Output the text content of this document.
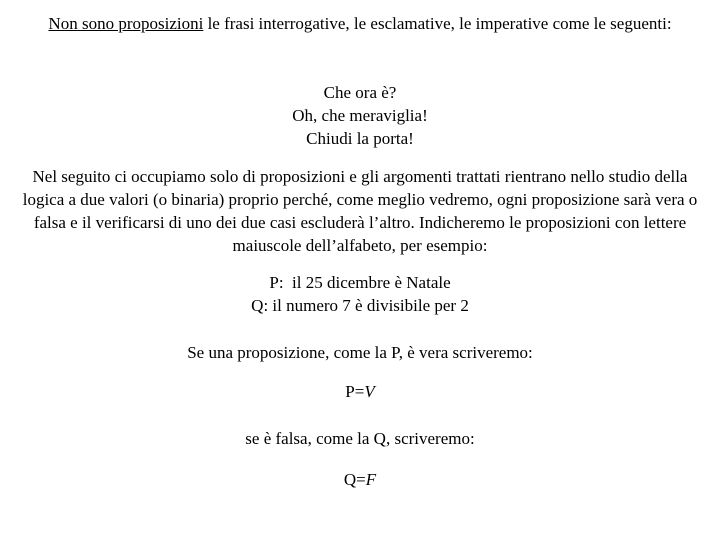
Non sono proposizioni le frasi interrogative, le esclamative, le imperative come le seguenti:

Che ora è?
Oh, che meraviglia!
Chiudi la porta!

Nel seguito ci occupiamo solo di proposizioni e gli argomenti trattati rientrano nello studio della logica a due valori (o binaria) proprio perché, come meglio vedremo, ogni proposizione sarà vera o falsa e il verificarsi di uno dei due casi escluderà l’altro. Indicheremo le proposizioni con lettere maiuscole dell’alfabeto, per esempio:

P:  il 25 dicembre è Natale
Q: il numero 7 è divisibile per 2

Se una proposizione, come la P, è vera scriveremo:

P=V

se è falsa, come la Q, scriveremo:

Q=F
